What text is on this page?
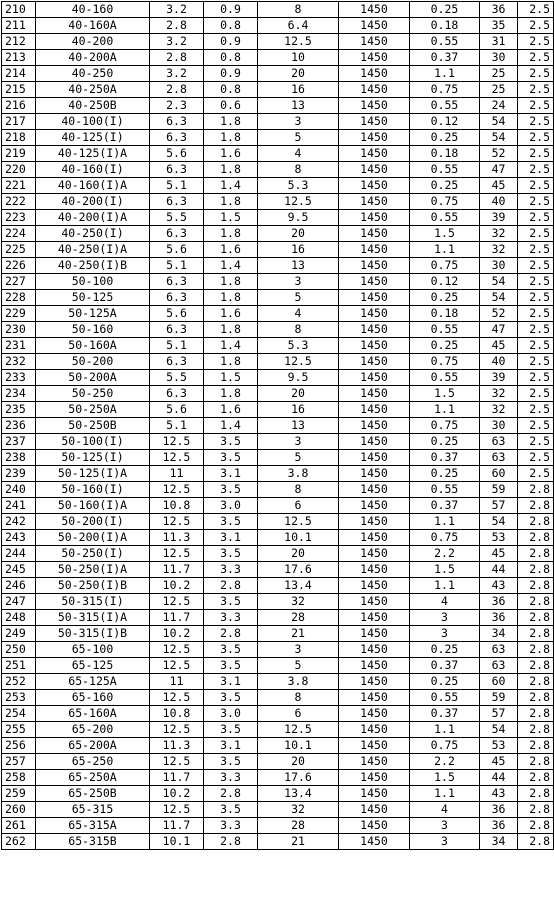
210	40-160	3.2	0.9	8	1450	0.25	36	2.5
211	40-160A	2.8	0.8	6.4	1450	0.18	35	2.5
212	40-200	3.2	0.9	12.5	1450	0.55	31	2.5
213	40-200A	2.8	0.8	10	1450	0.37	30	2.5
214	40-250	3.2	0.9	20	1450	1.1	25	2.5
215	40-250A	2.8	0.8	16	1450	0.75	25	2.5
216	40-250B	2.3	0.6	13	1450	0.55	24	2.5
217	40-100(I)	6.3	1.8	3	1450	0.12	54	2.5
218	40-125(I)	6.3	1.8	5	1450	0.25	54	2.5
219	40-125(I)A	5.6	1.6	4	1450	0.18	52	2.5
220	40-160(I)	6.3	1.8	8	1450	0.55	47	2.5
221	40-160(I)A	5.1	1.4	5.3	1450	0.25	45	2.5
222	40-200(I)	6.3	1.8	12.5	1450	0.75	40	2.5
223	40-200(I)A	5.5	1.5	9.5	1450	0.55	39	2.5
224	40-250(I)	6.3	1.8	20	1450	1.5	32	2.5
225	40-250(I)A	5.6	1.6	16	1450	1.1	32	2.5
226	40-250(I)B	5.1	1.4	13	1450	0.75	30	2.5
227	50-100	6.3	1.8	3	1450	0.12	54	2.5
228	50-125	6.3	1.8	5	1450	0.25	54	2.5
229	50-125A	5.6	1.6	4	1450	0.18	52	2.5
230	50-160	6.3	1.8	8	1450	0.55	47	2.5
231	50-160A	5.1	1.4	5.3	1450	0.25	45	2.5
232	50-200	6.3	1.8	12.5	1450	0.75	40	2.5
233	50-200A	5.5	1.5	9.5	1450	0.55	39	2.5
234	50-250	6.3	1.8	20	1450	1.5	32	2.5
235	50-250A	5.6	1.6	16	1450	1.1	32	2.5
236	50-250B	5.1	1.4	13	1450	0.75	30	2.5
237	50-100(I)	12.5	3.5	3	1450	0.25	63	2.5
238	50-125(I)	12.5	3.5	5	1450	0.37	63	2.5
239	50-125(I)A	11	3.1	3.8	1450	0.25	60	2.5
240	50-160(I)	12.5	3.5	8	1450	0.55	59	2.8
241	50-160(I)A	10.8	3.0	6	1450	0.37	57	2.8
242	50-200(I)	12.5	3.5	12.5	1450	1.1	54	2.8
243	50-200(I)A	11.3	3.1	10.1	1450	0.75	53	2.8
244	50-250(I)	12.5	3.5	20	1450	2.2	45	2.8
245	50-250(I)A	11.7	3.3	17.6	1450	1.5	44	2.8
246	50-250(I)B	10.2	2.8	13.4	1450	1.1	43	2.8
247	50-315(I)	12.5	3.5	32	1450	4	36	2.8
248	50-315(I)A	11.7	3.3	28	1450	3	36	2.8
249	50-315(I)B	10.2	2.8	21	1450	3	34	2.8
250	65-100	12.5	3.5	3	1450	0.25	63	2.8
251	65-125	12.5	3.5	5	1450	0.37	63	2.8
252	65-125A	11	3.1	3.8	1450	0.25	60	2.8
253	65-160	12.5	3.5	8	1450	0.55	59	2.8
254	65-160A	10.8	3.0	6	1450	0.37	57	2.8
255	65-200	12.5	3.5	12.5	1450	1.1	54	2.8
256	65-200A	11.3	3.1	10.1	1450	0.75	53	2.8
257	65-250	12.5	3.5	20	1450	2.2	45	2.8
258	65-250A	11.7	3.3	17.6	1450	1.5	44	2.8
259	65-250B	10.2	2.8	13.4	1450	1.1	43	2.8
260	65-315	12.5	3.5	32	1450	4	36	2.8
261	65-315A	11.7	3.3	28	1450	3	36	2.8
262	65-315B	10.1	2.8	21	1450	3	34	2.8
